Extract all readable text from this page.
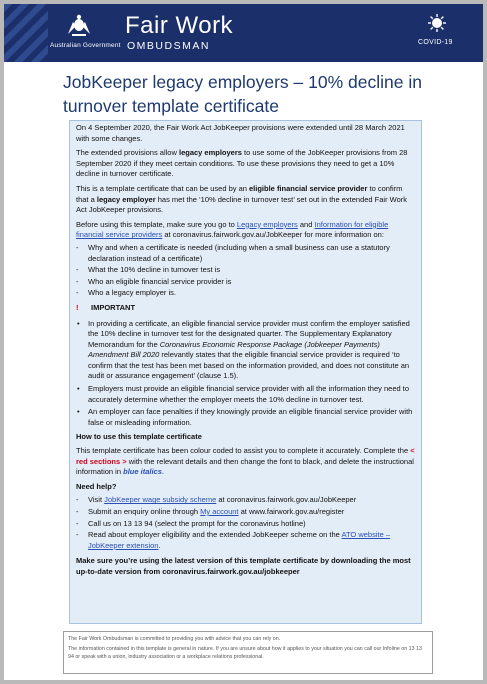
Australian Government
Fair Work
OMBUDSMAN	COVID-19
JobKeeper legacy employers – 10% decline in turnover template certificate

On 4 September 2020, the Fair Work Act JobKeeper provisions were extended until 28 March 2021 with some changes.

The extended provisions allow legacy employers to use some of the JobKeeper provisions from 28 September 2020 if they meet certain conditions. To use these provisions they need to get a 10% decline in turnover certificate.

This is a template certificate that can be used by an eligible financial service provider to confirm that a legacy employer has met the ‘10% decline in turnover test’ set out in the extended Fair Work Act JobKeeper provisions.

Before using this template, make sure you go to Legacy employers and Information for eligible financial service providers at coronavirus.fairwork.gov.au/JobKeeper for more information on:

- Why and when a certificate is needed (including when a small business can use a statutory declaration instead of a certificate)
- What the 10% decline in turnover test is
- Who an eligible financial service provider is
- Who a legacy employer is.
! IMPORTANT
• In providing a certificate, an eligible financial service provider must confirm the employer satisfied the 10% decline in turnover test for the designated quarter. The Supplementary Explanatory Memorandum for the Coronavirus Economic Response Package (Jobkeeper Payments) Amendment Bill 2020 relevantly states that the eligible financial service provider is required ‘to confirm that the test has been met based on the information provided, and does not constitute an audit or assurance engagement’ (clause 1.5).
• Employers must provide an eligible financial service provider with all the information they need to accurately determine whether the employer meets the 10% decline in turnover test.
• An employer can face penalties if they knowingly provide an eligible financial service provider with false or misleading information.
How to use this template certificate

This template certificate has been colour coded to assist you to complete it accurately. Complete the < red sections > with the relevant details and then change the font to black, and delete the instructional information in blue italics.

Need help?
- Visit JobKeeper wage subsidy scheme at coronavirus.fairwork.gov.au/JobKeeper
- Submit an enquiry online through My account at www.fairwork.gov.au/register
- Call us on 13 13 94 (select the prompt for the coronavirus hotline)
- Read about employer eligibility and the extended JobKeeper scheme on the ATO website – JobKeeper extension.

Make sure you’re using the latest version of this template certificate by downloading the most up-to-date version from coronavirus.fairwork.gov.au/jobkeeper

The Fair Work Ombudsman is committed to providing you with advice that you can rely on.

The information contained in this template is general in nature. If you are unsure about how it applies to your situation you can call our Infoline on 13 13 94 or speak with a union, industry association or a workplace relations professional.
